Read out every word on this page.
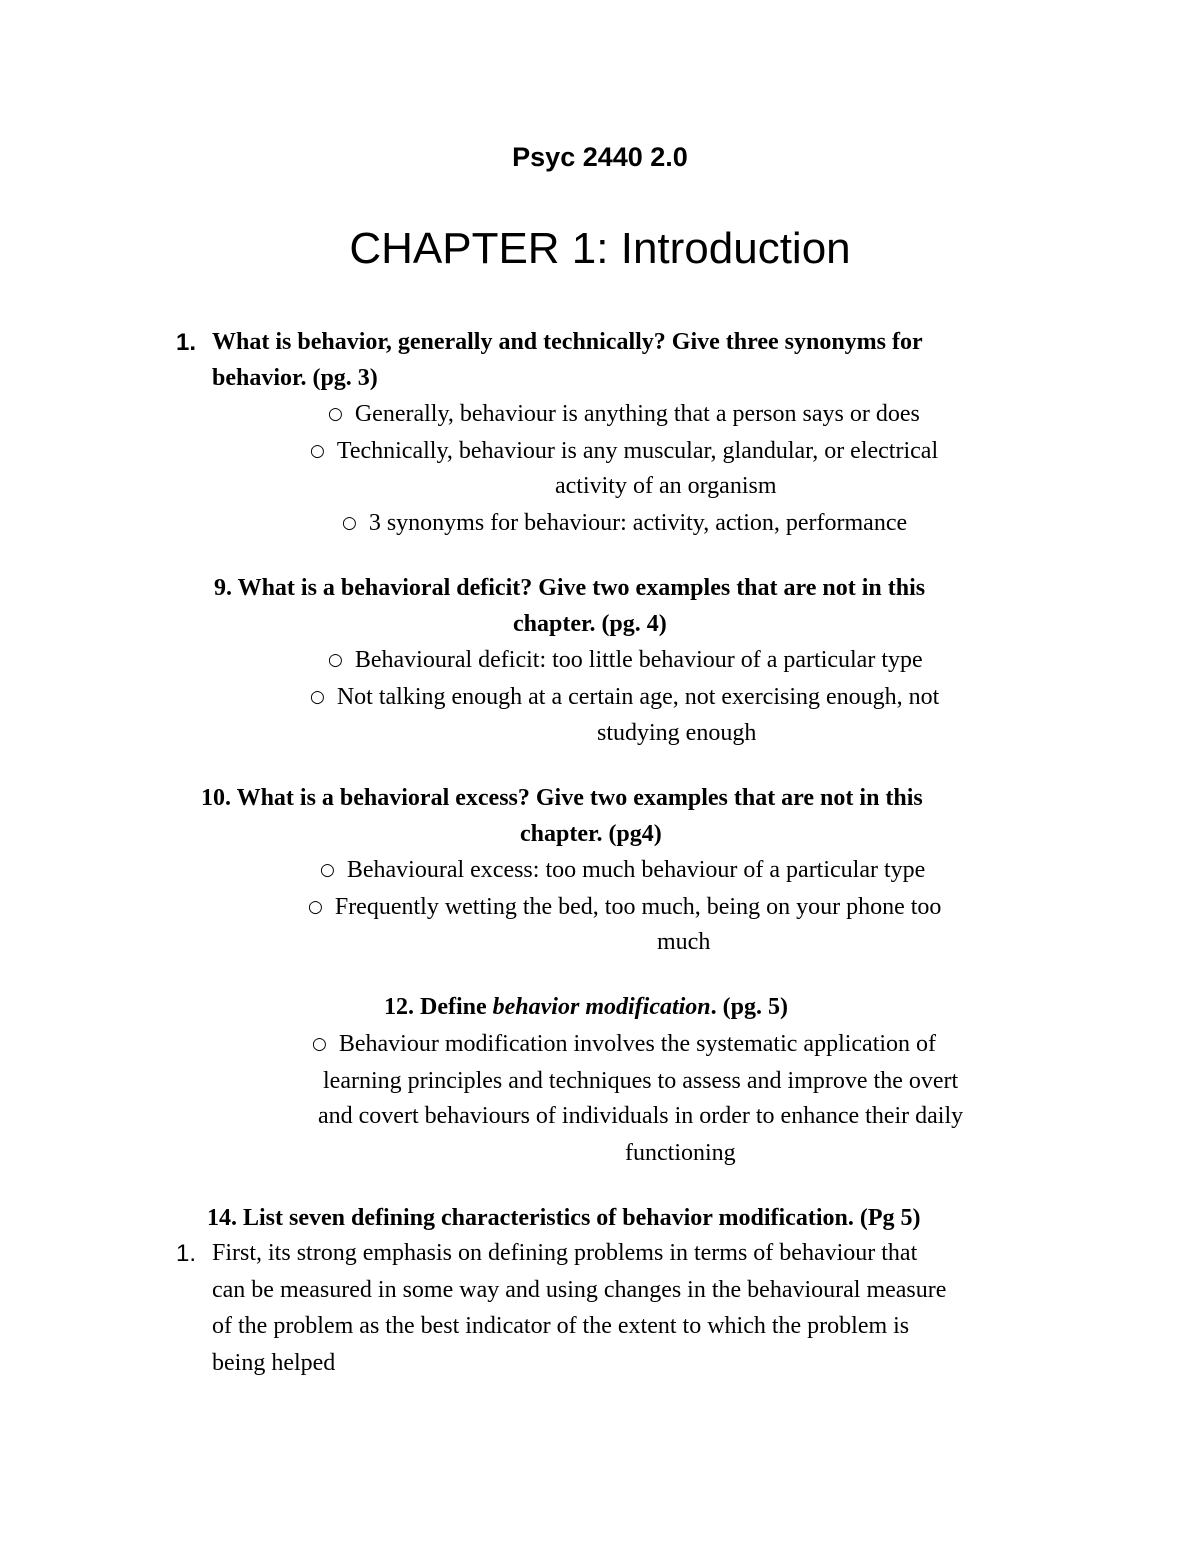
Psyc 2440 2.0
CHAPTER 1: Introduction
1. What is behavior, generally and technically? Give three synonyms for
behavior. (pg. 3)
○ Generally, behaviour is anything that a person says or does
○ Technically, behaviour is any muscular, glandular, or electrical
activity of an organism
○ 3 synonyms for behaviour: activity, action, performance
9. What is a behavioral deficit? Give two examples that are not in this
chapter. (pg. 4)
○ Behavioural deficit: too little behaviour of a particular type
○ Not talking enough at a certain age, not exercising enough, not
studying enough
10. What is a behavioral excess? Give two examples that are not in this
chapter. (pg4)
○ Behavioural excess: too much behaviour of a particular type
○ Frequently wetting the bed, too much, being on your phone too
much
12. Define behavior modification. (pg. 5)
○ Behaviour modification involves the systematic application of
learning principles and techniques to assess and improve the overt
and covert behaviours of individuals in order to enhance their daily
functioning
14. List seven defining characteristics of behavior modification. (Pg 5)
1. First, its strong emphasis on defining problems in terms of behaviour that
can be measured in some way and using changes in the behavioural measure
of the problem as the best indicator of the extent to which the problem is
being helped
